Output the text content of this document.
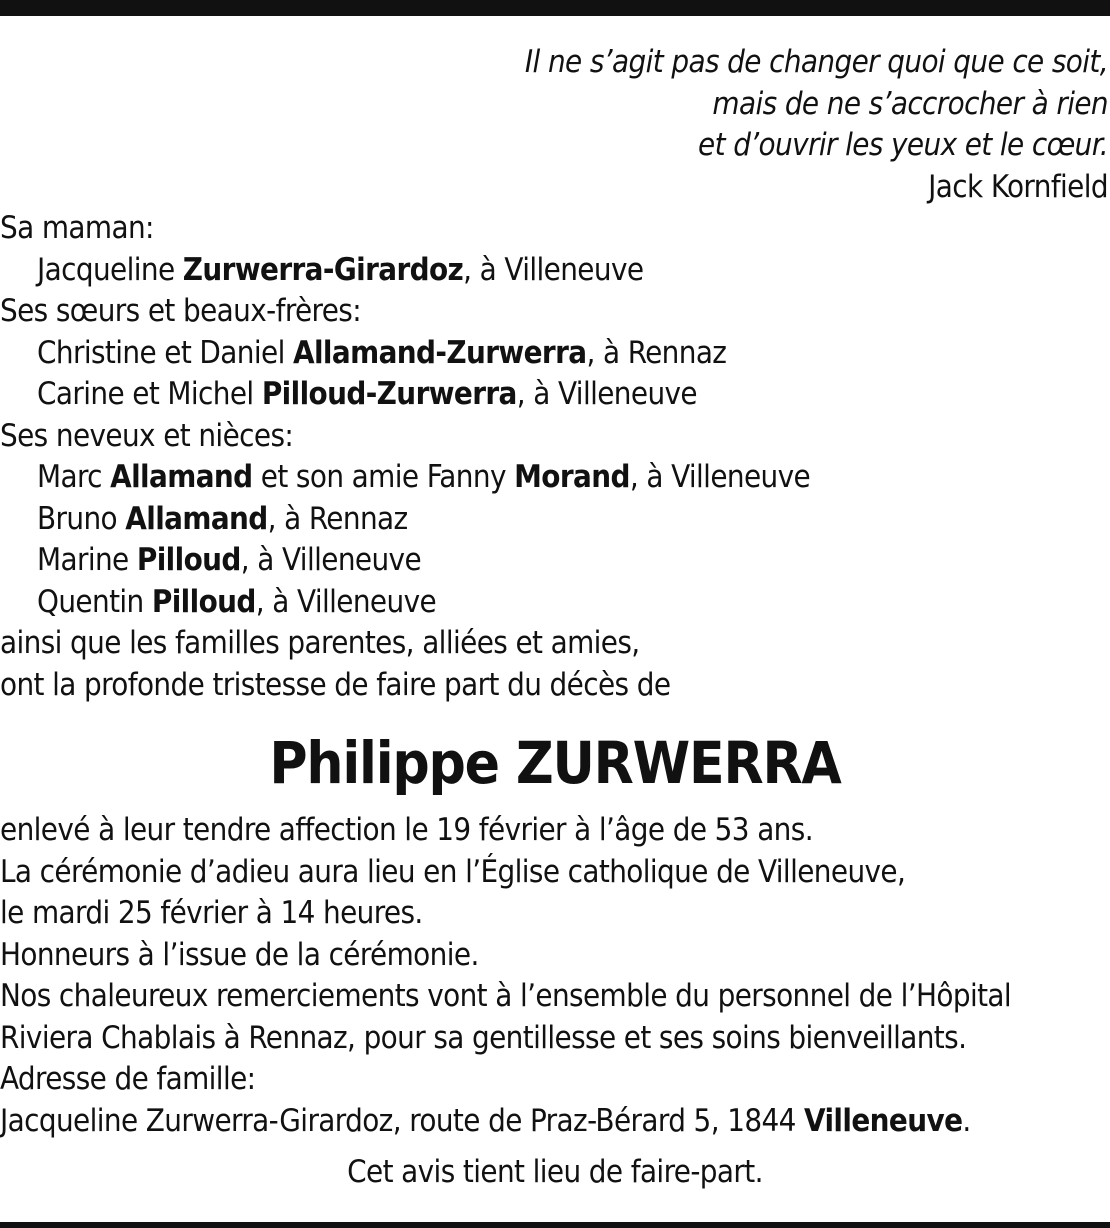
Il ne s’agit pas de changer quoi que ce soit,
mais de ne s’accrocher à rien
et d’ouvrir les yeux et le cœur.
Jack Kornfield
Sa maman:
Jacqueline Zurwerra-Girardoz, à Villeneuve
Ses sœurs et beaux-frères:
Christine et Daniel Allamand-Zurwerra, à Rennaz
Carine et Michel Pilloud-Zurwerra, à Villeneuve
Ses neveux et nièces:
Marc Allamand et son amie Fanny Morand, à Villeneuve
Bruno Allamand, à Rennaz
Marine Pilloud, à Villeneuve
Quentin Pilloud, à Villeneuve
ainsi que les familles parentes, alliées et amies,
ont la profonde tristesse de faire part du décès de
Philippe ZURWERRA
enlevé à leur tendre affection le 19 février à l’âge de 53 ans.
La cérémonie d’adieu aura lieu en l’Église catholique de Villeneuve,
le mardi 25 février à 14 heures.
Honneurs à l’issue de la cérémonie.
Nos chaleureux remerciements vont à l’ensemble du personnel de l’Hôpital
Riviera Chablais à Rennaz, pour sa gentillesse et ses soins bienveillants.
Adresse de famille:
Jacqueline Zurwerra-Girardoz, route de Praz-Bérard 5, 1844 Villeneuve.
Cet avis tient lieu de faire-part.
